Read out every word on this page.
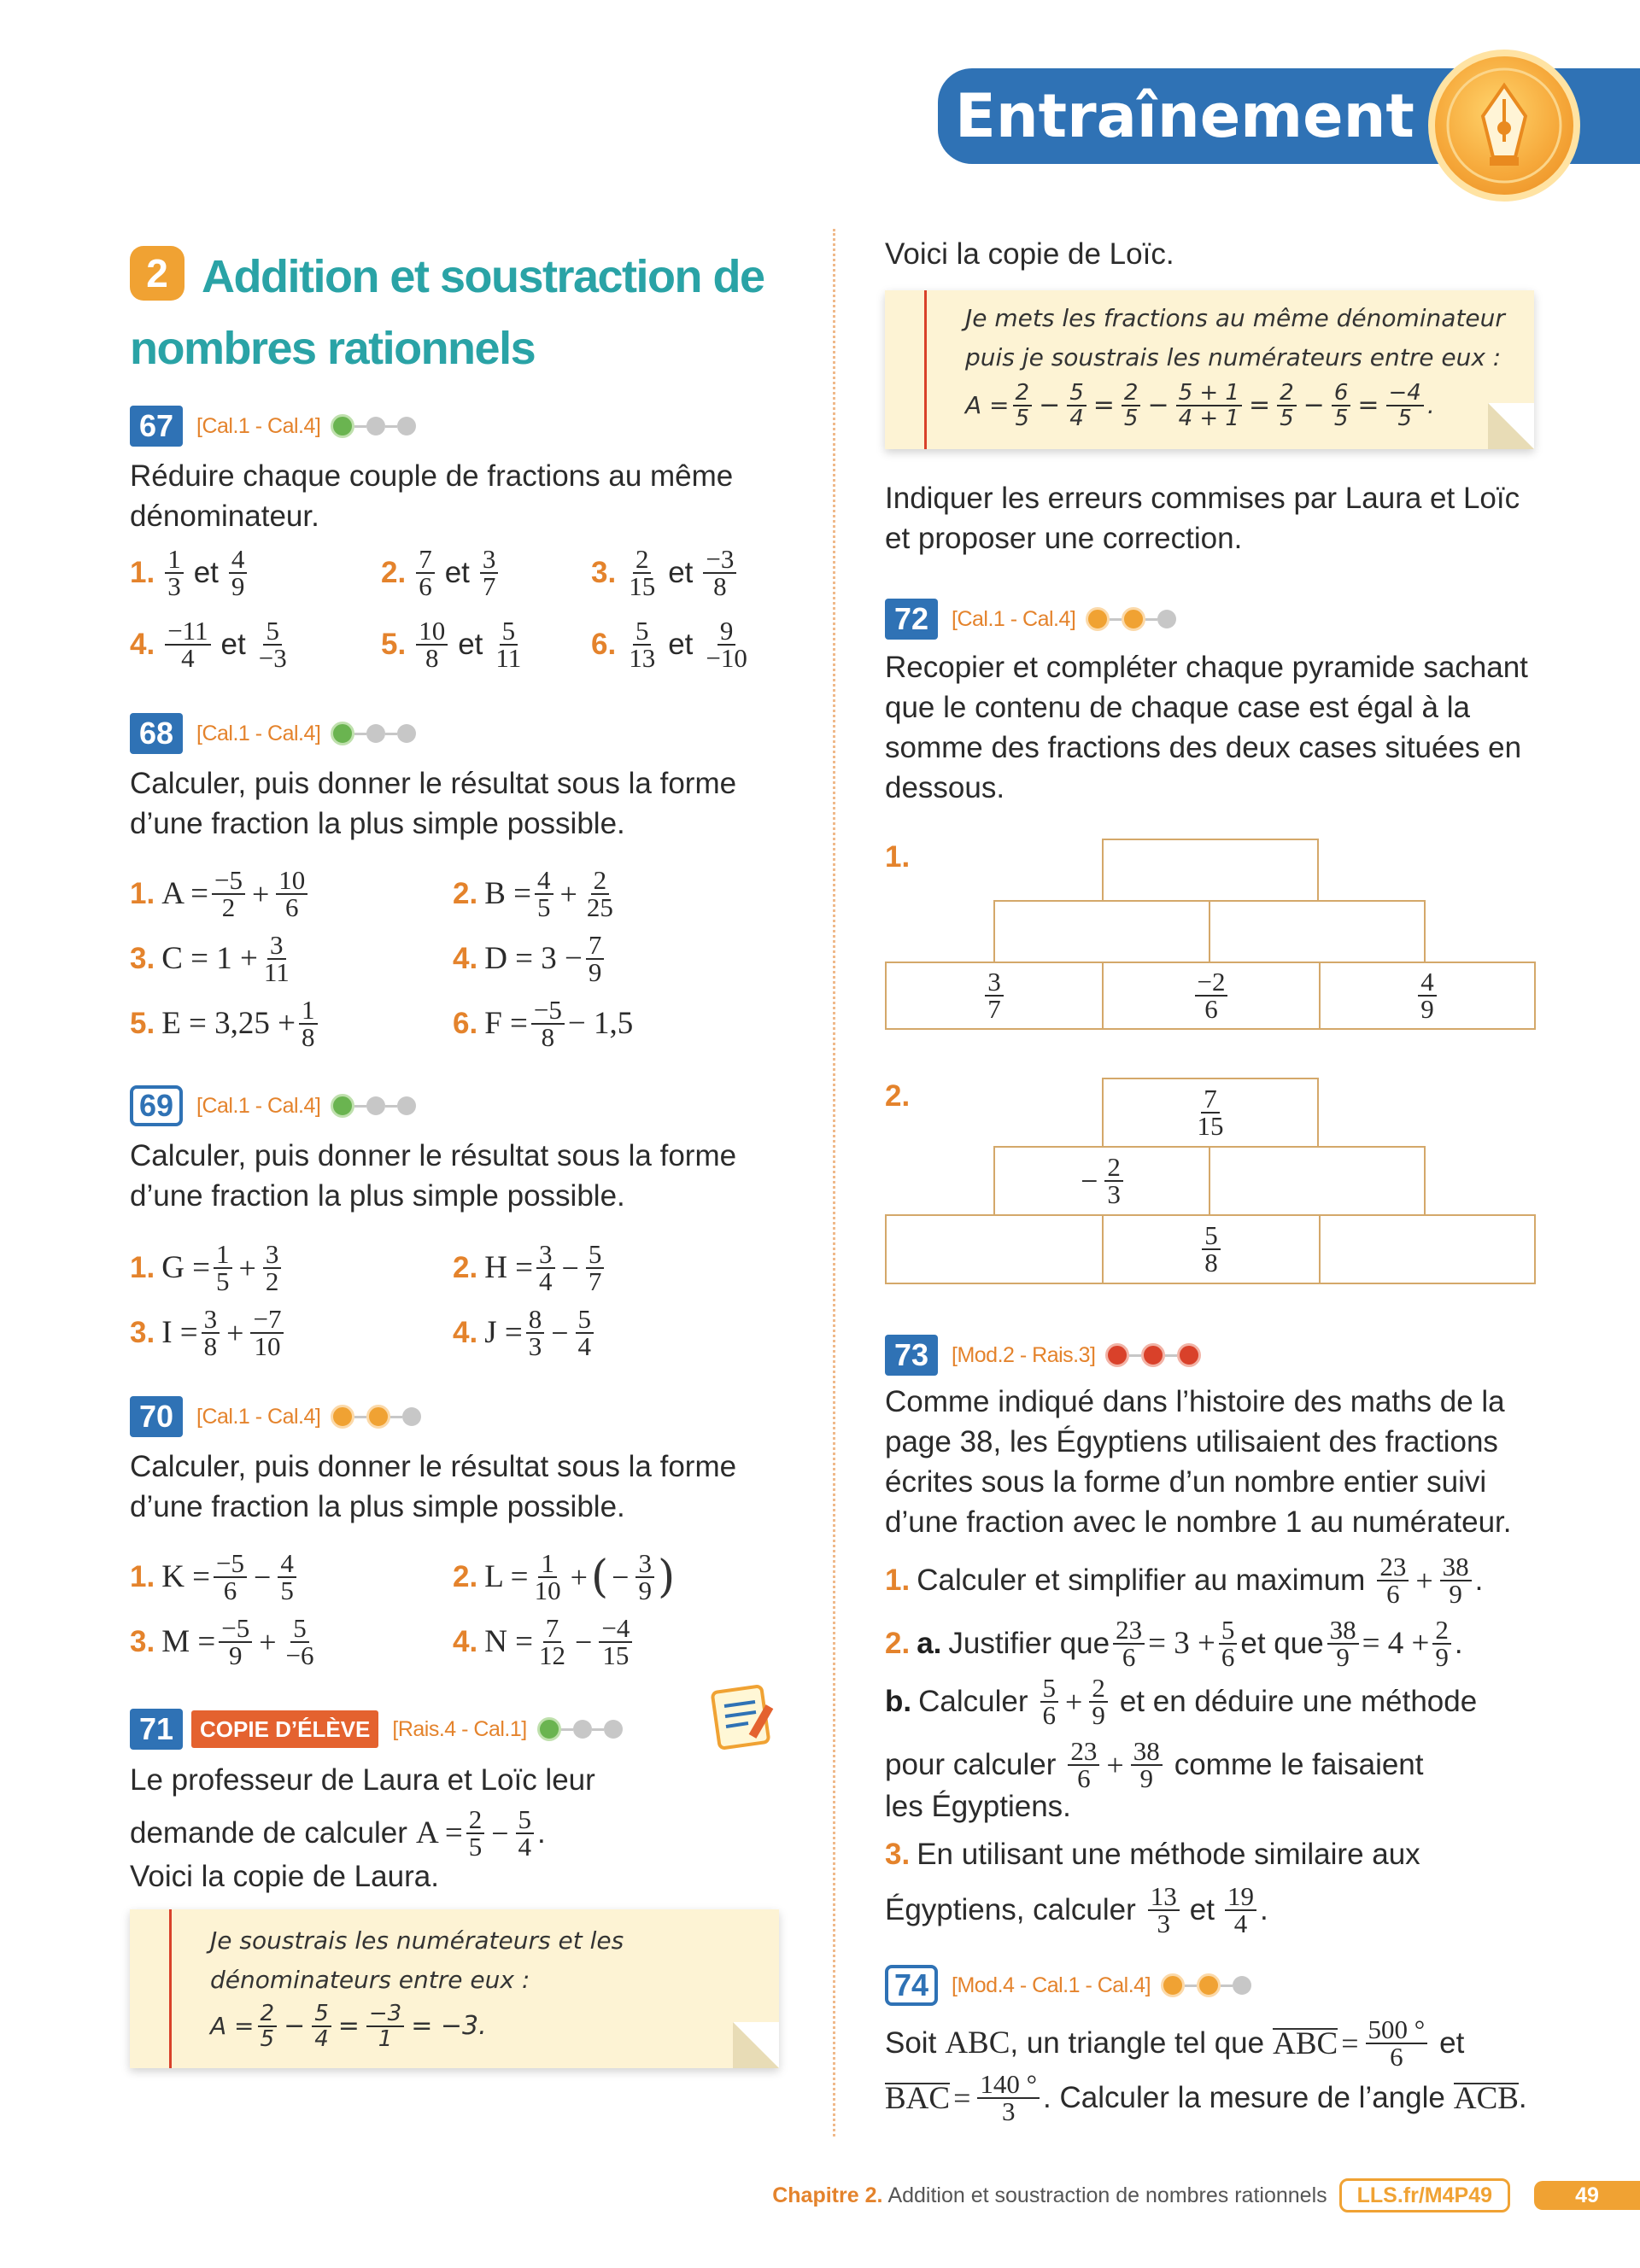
Entraînement
2 Addition et soustraction de
nombres rationnels
67	[Cal.1 - Cal.4]
Réduire chaque couple de fractions au même dénominateur.
1. $\frac{1}{3}$ et $\frac{4}{9}$	2. $\frac{7}{6}$ et $\frac{3}{7}$	3. $\frac{2}{15}$ et $\frac{-3}{8}$
4. $\frac{-11}{4}$ et $\frac{5}{-3}$	5. $\frac{10}{8}$ et $\frac{5}{11} 6$. $\frac{5}{13}$ et $\frac{9}{-10}$
68	[Cal.1 - Cal.4]
Calculer, puis donner le résultat sous la forme d’une fraction la plus simple possible.
1. $A = \frac{-5}{2} + \frac{10}{6}$	2. $B = \frac{4}{5} + \frac{2}{25}$
3. $C = 1 + \frac{3}{11}$	4. $D = 3 - \frac{7}{9}$
5. $E = 3,25 + \frac{1}{8}$	6. $F = \frac{-5}{8} - 1,5$
69	[Cal.1 - Cal.4]
Calculer, puis donner le résultat sous la forme d’une fraction la plus simple possible.
1. $G = \frac{1}{5} + \frac{3}{2}$	2. $H = \frac{3}{4} - \frac{5}{7}$
3. $I = \frac{3}{8} + \frac{-7}{10}$	4. $J = \frac{8}{3} - \frac{5}{4}$
70	[Cal.1 - Cal.4]
Calculer, puis donner le résultat sous la forme d’une fraction la plus simple possible.
1. $K = \frac{-5}{6} - \frac{4}{5}$	2. $L = \frac{1}{10}$ + ( − $\frac{3}{9}$ )
3. $M = \frac{-5}{9} + \frac{5}{-6}$	4. $N = \frac{7}{12} - \frac{-4}{15}$
71	COPIE D’ÉLÈVE	[Rais.4 - Cal.1]
Le professeur de Laura et Loïc leur
demande de calculer $A = \frac{2}{5} - \frac{5}{4}$ .
Voici la copie de Laura.
Je soustrais les numérateurs et les
dénominateurs entre eux :
$A = \frac{2}{5} - \frac{5}{4} = \frac{-3}{1} = -3$.
Voici la copie de Loïc.
Je mets les fractions au même dénominateur
puis je soustrais les numérateurs entre eux :
$A = \frac{2}{5} - \frac{5}{4} = \frac{2}{5} - \frac{5 + 1}{4 + 1} = \frac{2}{5} - \frac{6}{5} = \frac{-4}{5}$ .
Indiquer les erreurs commises par Laura et Loïc et proposer une correction.
72	[Cal.1 - Cal.4]
Recopier et compléter chaque pyramide sachant que le contenu de chaque case est égal à la somme des fractions des deux cases situées en dessous.
1.
$\frac{3}{7}$	$\frac{-2}{6}$	$\frac{4}{9}$
2.	$\frac{7}{15}$
− $\frac{2}{3}$
$\frac{5}{8}$
73	[Mod.2 - Rais.3]
Comme indiqué dans l’histoire des maths de la page 38, les Égyptiens utilisaient des fractions écrites sous la forme d’un nombre entier suivi d’une fraction avec le nombre 1 au numérateur.
1. Calculer et simplifier au maximum $\frac{23}{6} + \frac{38}{9}$ .
2. a. Justifier que $\frac{23}{6} = 3 + \frac{5}{6}$ et que $\frac{38}{9} = 4 + \frac{2}{9}$ .
b. Calculer $\frac{5}{6} + \frac{2}{9}$ et en déduire une méthode
pour calculer $\frac{23}{6} + \frac{38}{9}$ comme le faisaient
les Égyptiens.
3. En utilisant une méthode similaire aux
Égyptiens, calculer $\frac{13}{3}$ et $\frac{19}{4}$ .
74	[Mod.4 - Cal.1 - Cal.4]
Soit ABC , un triangle tel que ABC = $\frac{500 ^\circ}{6}$ et
BAC = $\frac{140 ^\circ}{3}$ . Calculer la mesure de l’angle ACB .
Chapitre 2. Addition et soustraction de nombres rationnels	LLS.fr/M4P49	49
